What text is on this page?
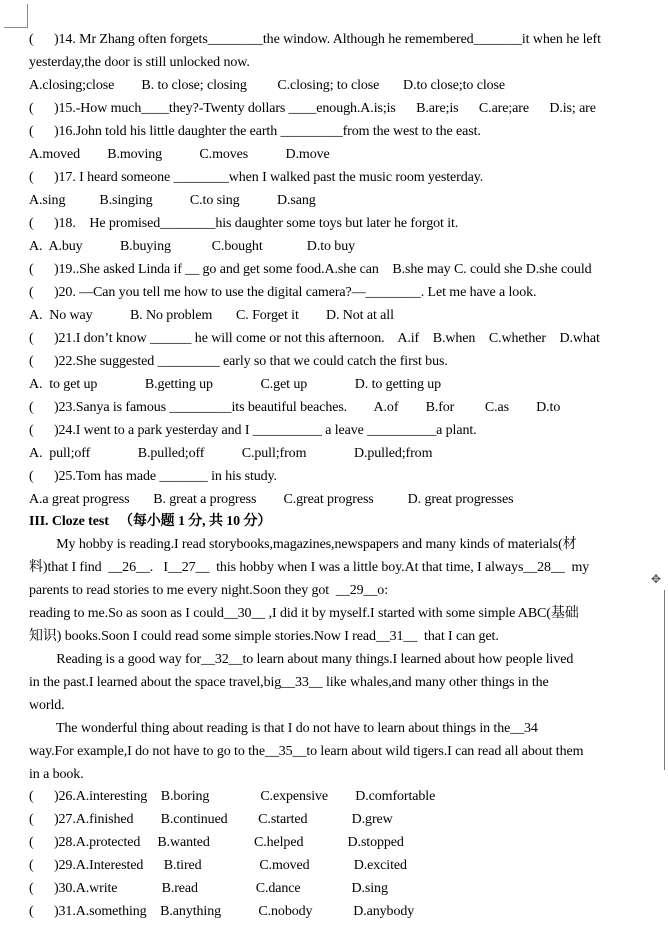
✥
(      )14. Mr Zhang often forgets________the window. Although he remembered_______it when he left
yesterday,the door is still unlocked now.
A.closing;close        B. to close; closing         C.closing; to close       D.to close;to close
(      )15.-How much____they?-Twenty dollars ____enough.A.is;is      B.are;is      C.are;are      D.is; are
(      )16.John told his little daughter the earth _________from the west to the east.
A.moved        B.moving           C.moves           D.move
(      )17. I heard someone ________when I walked past the music room yesterday.
A.sing          B.singing           C.to sing           D.sang
(      )18.    He promised________his daughter some toys but later he forgot it.
A.  A.buy           B.buying            C.bought             D.to buy
(      )19..She asked Linda if __ go and get some food.A.she can    B.she may C. could she D.she could
(      )20. —Can you tell me how to use the digital camera?—________. Let me have a look.
A.  No way           B. No problem       C. Forget it        D. Not at all
(      )21.I don’t know ______ he will come or not this afternoon.    A.if    B.when    C.whether    D.what
(      )22.She suggested _________ early so that we could catch the first bus.
A.  to get up              B.getting up              C.get up              D. to getting up
(      )23.Sanya is famous _________its beautiful beaches.        A.of        B.for         C.as        D.to
(      )24.I went to a park yesterday and I __________ a leave __________a plant.
A.  pull;off              B.pulled;off           C.pull;from              D.pulled;from
(      )25.Tom has made _______ in his study.
A.a great progress       B. great a progress        C.great progress          D. great progresses
III. Cloze test   （每小题 1 分, 共 10 分）
My hobby is reading.I read storybooks,magazines,newspapers and many kinds of materials(材
料)that I find  __26__.   I__27__  this hobby when I was a little boy.At that time, I always__28__  my
parents to read stories to me every night.Soon they got  __29__o:
reading to me.So as soon as I could__30__ ,I did it by myself.I started with some simple ABC(基础
知识) books.Soon I could read some simple stories.Now I read__31__  that I can get.
Reading is a good way for__32__to learn about many things.I learned about how people lived
in the past.I learned about the space travel,big__33__ like whales,and many other things in the
world.
The wonderful thing about reading is that I do not have to learn about things in the__34
way.For example,I do not have to go to the__35__to learn about wild tigers.I can read all about them
in a book.
(      )26.A.interesting    B.boring               C.expensive        D.comfortable
(      )27.A.finished        B.continued         C.started             D.grew
(      )28.A.protected     B.wanted             C.helped             D.stopped
(      )29.A.Interested      B.tired                 C.moved             D.excited
(      )30.A.write             B.read                 C.dance               D.sing
(      )31.A.something    B.anything           C.nobody            D.anybody
